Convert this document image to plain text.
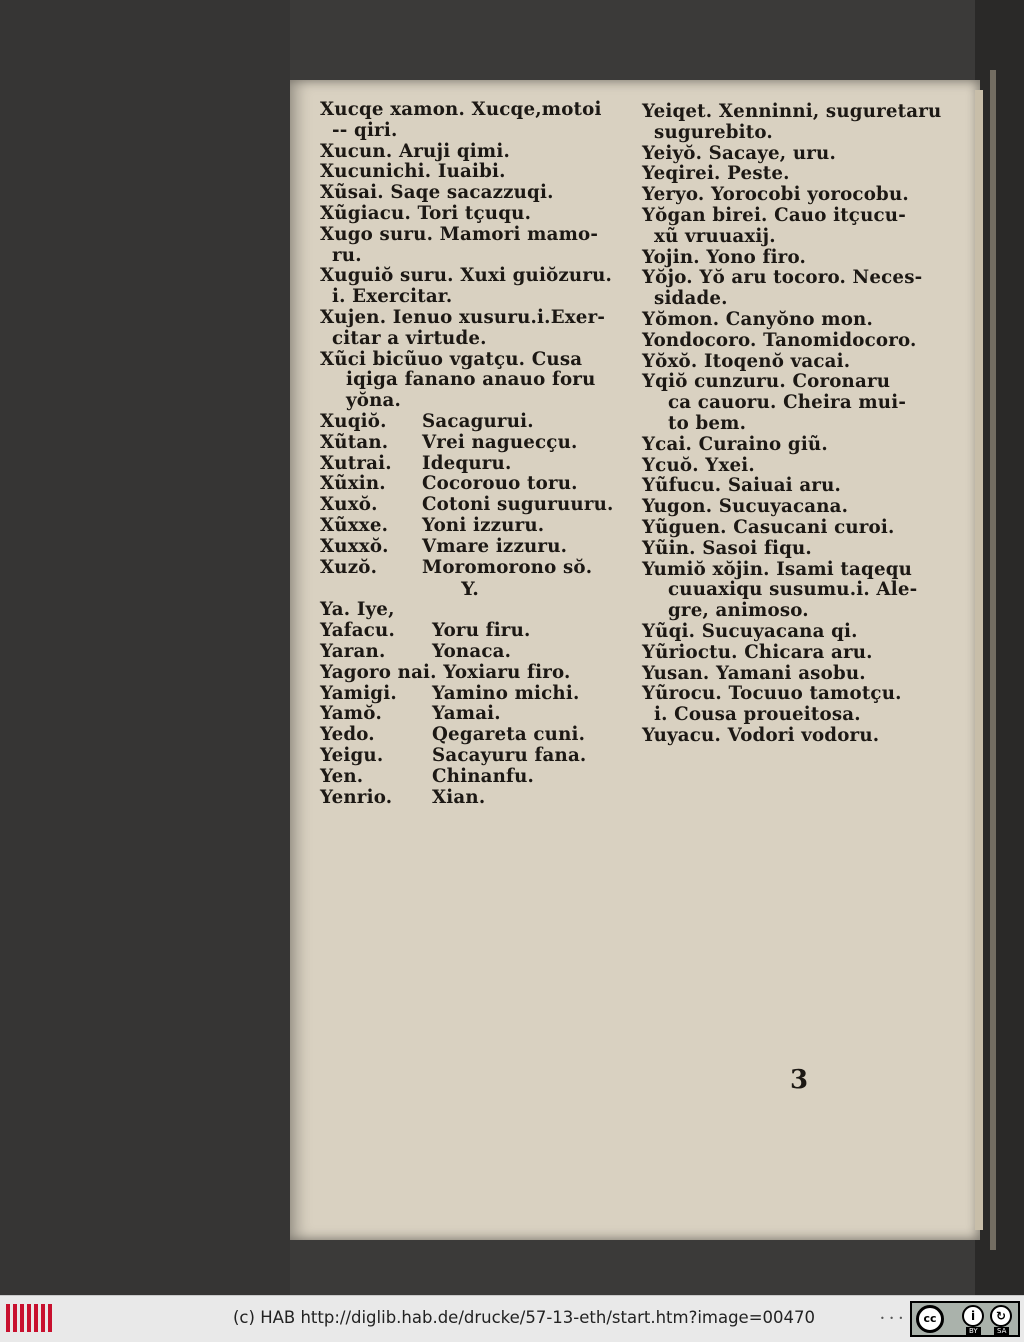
Xucqe xamon. Xucqe,motoi
-- qiri.
Xucun. Aruji qimi.
Xucunichi. Iuaibi.
Xũsai. Saqe sacazzuqi.
Xũgiacu. Tori tçuqu.
Xugo suru. Mamori mamo-
ru.
Xuguiŏ suru. Xuxi guiŏzuru.
i. Exercitar.
Xujen. Ienuo xusuru.i.Exer-
citar a virtude.
Xũci bicũuo vgatçu. Cusa
iqiga fanano anauo foru
yŏna.
Xuqiŏ. Sacagurui.
Xũtan. Vrei naguecçu.
Xutrai. Idequru.
Xũxin. Cocorouo toru.
Xuxŏ. Cotoni suguruuru.
Xũxxe. Yoni izzuru.
Xuxxŏ. Vmare izzuru.
Xuzŏ. Moromorono sŏ.
Y.
Ya. Iye,
Yafacu. Yoru firu.
Yaran.	Yonaca.
Yagoro nai. Yoxiaru firo.
Yamigi. Yamino michi.
Yamŏ.	Yamai.
Yedo.	Qegareta cuni.
Yeigu.	Sacayuru fana.
Yen.	Chinanfu.
Yenrio. Xian.
Yeiqet. Xenninni, suguretaru
sugurebito.
Yeiyŏ. Sacaye, uru.
Yeqirei. Peste.
Yeryo. Yorocobi yorocobu.
Yŏgan birei. Cauo itçucu-
xũ vruuaxij.
Yojin. Yono firo.
Yŏjo. Yŏ aru tocoro. Neces-
sidade.
Yŏmon. Canyŏno mon.
Yondocoro. Tanomidocoro.
Yŏxŏ. Itoqenŏ vacai.
Yqiŏ cunzuru. Coronaru
ca cauoru. Cheira mui-
to bem.
Ycai. Curaino giũ.
Ycuŏ. Yxei.
Yũfucu. Saiuai aru.
Yugon. Sucuyacana.
Yũguen. Casucani curoi.
Yũin. Sasoi fiqu.
Yumiŏ xŏjin. Isami taqequ
cuuaxiqu susumu.i. Ale-
gre, animoso.
Yũqi. Sucuyacana qi.
Yũrioctu. Chicara aru.
Yusan. Yamani asobu.
Yũrocu. Tocuuo tamotçu.
i. Cousa proueitosa.
Yuyacu. Vodori vodoru.
3
(c) HAB http://diglib.hab.de/drucke/57-13-eth/start.htm?image=00470	• • •	cc	i	↻
BY	SA
